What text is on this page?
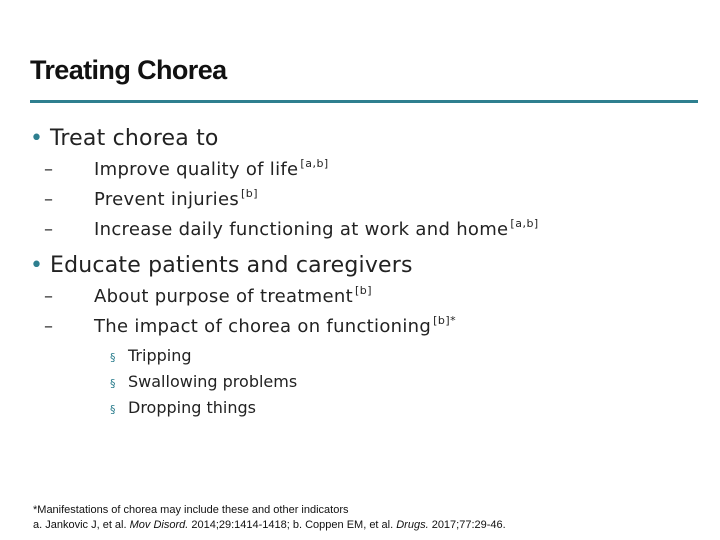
Treating Chorea
• Treat chorea to
–	Improve quality of life [a,b]
–	Prevent injuries [b]
–	Increase daily functioning at work and home [a,b]
• Educate patients and caregivers
–	About purpose of treatment [b]
–	The impact of chorea on functioning $^{[b]*}$
§ Tripping
§ Swallowing problems
§ Dropping things
*Manifestations of chorea may include these and other indicators
a. Jankovic J, et al. Mov Disord. 2014;29:1414-1418; b. Coppen EM, et al. Drugs. 2017;77:29-46.
